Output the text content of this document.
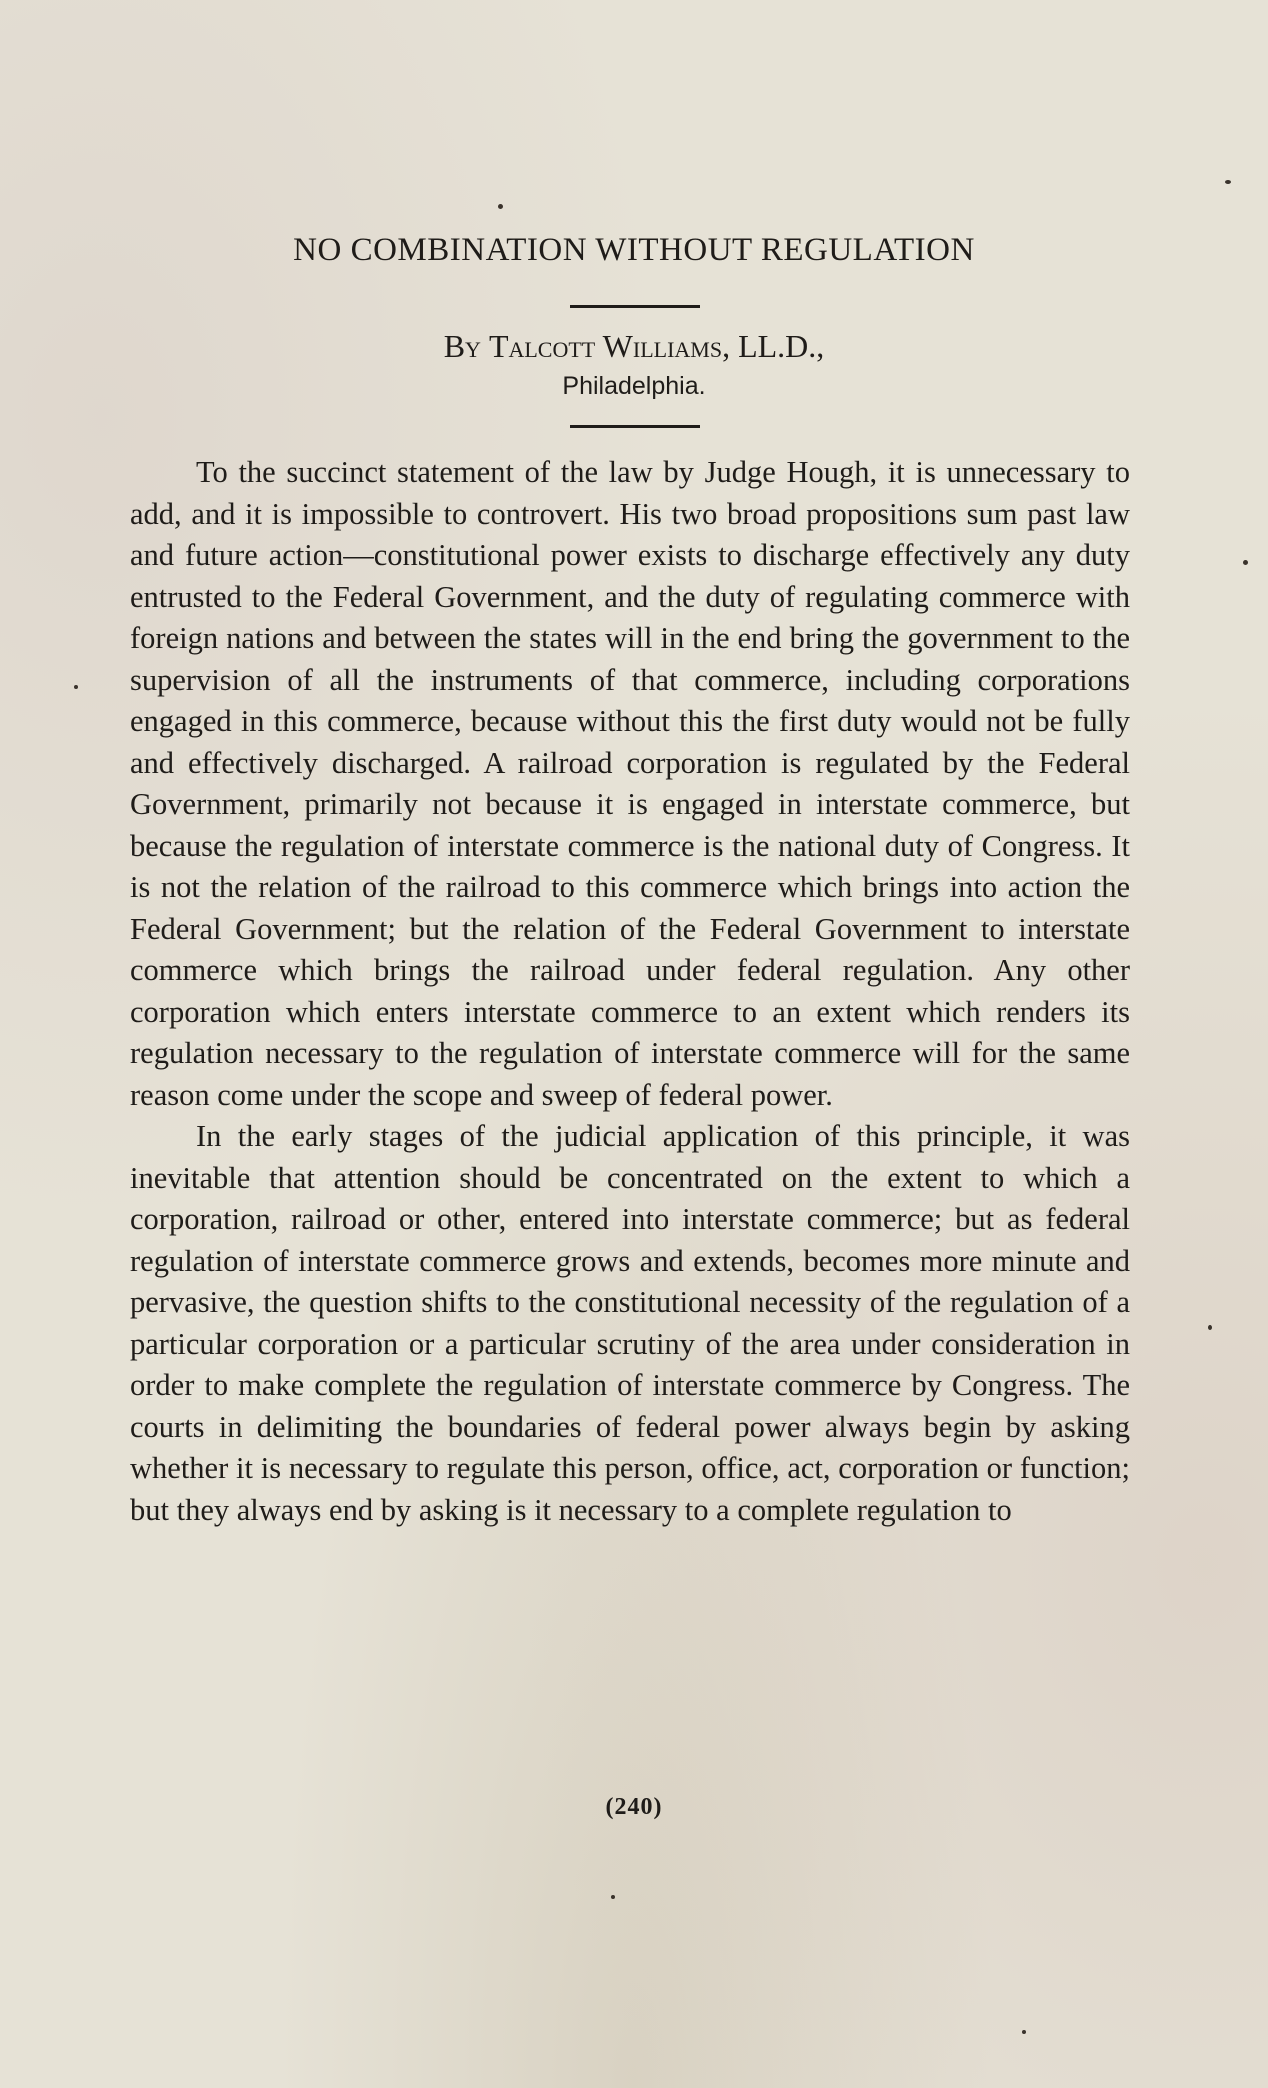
NO COMBINATION WITHOUT REGULATION
By Talcott Williams, LL.D.,
Philadelphia.

To the succinct statement of the law by Judge Hough, it is unnecessary to add, and it is impossible to controvert. His two broad propositions sum past law and future action—constitutional power exists to discharge effectively any duty entrusted to the Federal Government, and the duty of regulating commerce with foreign nations and between the states will in the end bring the government to the supervision of all the instruments of that commerce, including corporations engaged in this commerce, because without this the first duty would not be fully and effectively discharged. A railroad corporation is regulated by the Federal Government, primarily not because it is engaged in interstate commerce, but because the regulation of interstate commerce is the national duty of Congress. It is not the relation of the railroad to this commerce which brings into action the Federal Government; but the relation of the Federal Government to interstate commerce which brings the railroad under federal regulation. Any other corporation which enters interstate commerce to an extent which renders its regulation necessary to the regulation of interstate commerce will for the same reason come under the scope and sweep of federal power.

In the early stages of the judicial application of this principle, it was inevitable that attention should be concentrated on the extent to which a corporation, railroad or other, entered into interstate commerce; but as federal regulation of interstate commerce grows and extends, becomes more minute and pervasive, the question shifts to the constitutional necessity of the regulation of a particular corporation or a particular scrutiny of the area under consideration in order to make complete the regulation of interstate commerce by Congress. The courts in delimiting the boundaries of federal power always begin by asking whether it is necessary to regulate this person, office, act, corporation or function; but they always end by asking is it necessary to a complete regulation to

(240)
